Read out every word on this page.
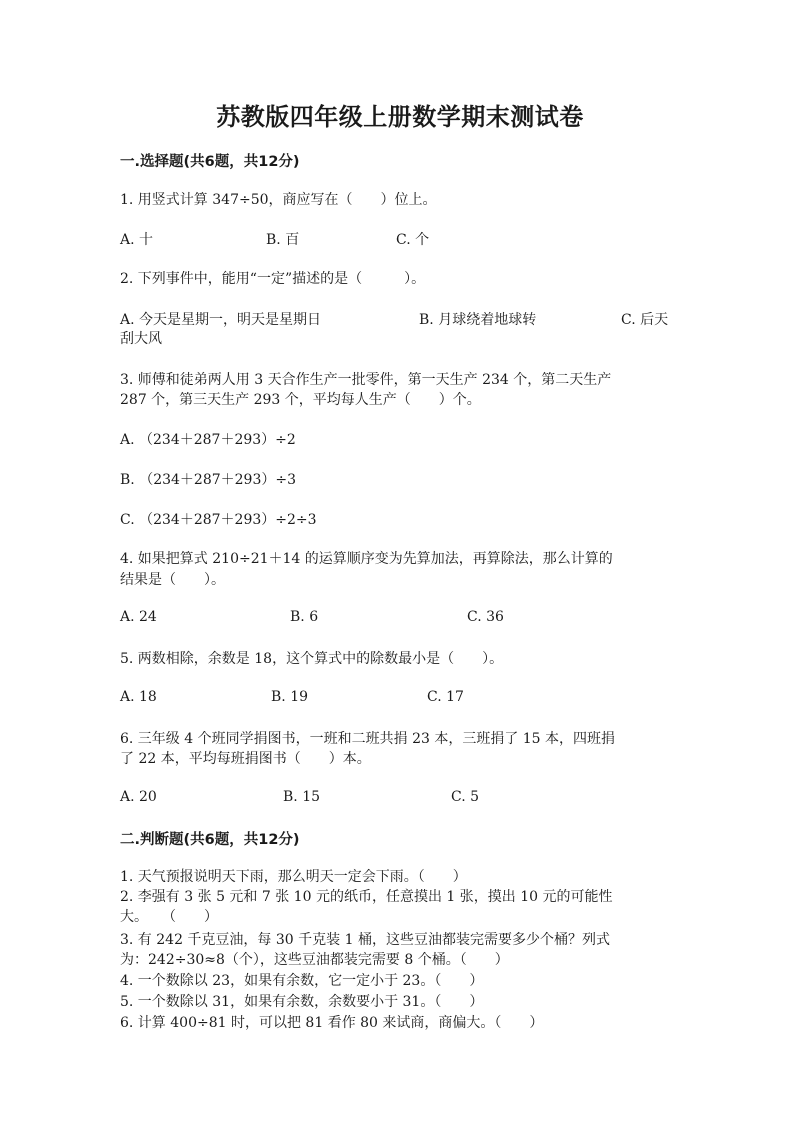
苏教版四年级上册数学期末测试卷
一.选择题(共6题，共12分)
1. 用竖式计算 347÷50，商应写在（　　）位上。
A. 十	B. 百	C. 个
2. 下列事件中，能用“一定”描述的是（　　　）。
A. 今天是星期一，明天是星期日	B. 月球绕着地球转	C. 后天
刮大风
3. 师傅和徒弟两人用 3 天合作生产一批零件，第一天生产 234 个，第二天生产
287 个，第三天生产 293 个，平均每人生产（　　）个。
A. （234＋287＋293）÷2
B. （234＋287＋293）÷3
C. （234＋287＋293）÷2÷3
4. 如果把算式 210÷21＋14 的运算顺序变为先算加法，再算除法，那么计算的
结果是（　　）。
A. 24	B. 6	C. 36
5. 两数相除，余数是 18，这个算式中的除数最小是（　　）。
A. 18	B. 19	C. 17
6. 三年级 4 个班同学捐图书，一班和二班共捐 23 本，三班捐了 15 本，四班捐
了 22 本，平均每班捐图书（　　）本。
A. 20	B. 15	C. 5
二.判断题(共6题，共12分)
1. 天气预报说明天下雨，那么明天一定会下雨。（　　）
2. 李强有 3 张 5 元和 7 张 10 元的纸币，任意摸出 1 张，摸出 10 元的可能性
大。　　（　　）
3. 有 242 千克豆油，每 30 千克装 1 桶，这些豆油都装完需要多少个桶？列式
为：242÷30≈8（个），这些豆油都装完需要 8 个桶。（　　）
4. 一个数除以 23，如果有余数，它一定小于 23。（　　）
5. 一个数除以 31，如果有余数，余数要小于 31。（　　）
6. 计算 400÷81 时，可以把 81 看作 80 来试商，商偏大。（　　）
